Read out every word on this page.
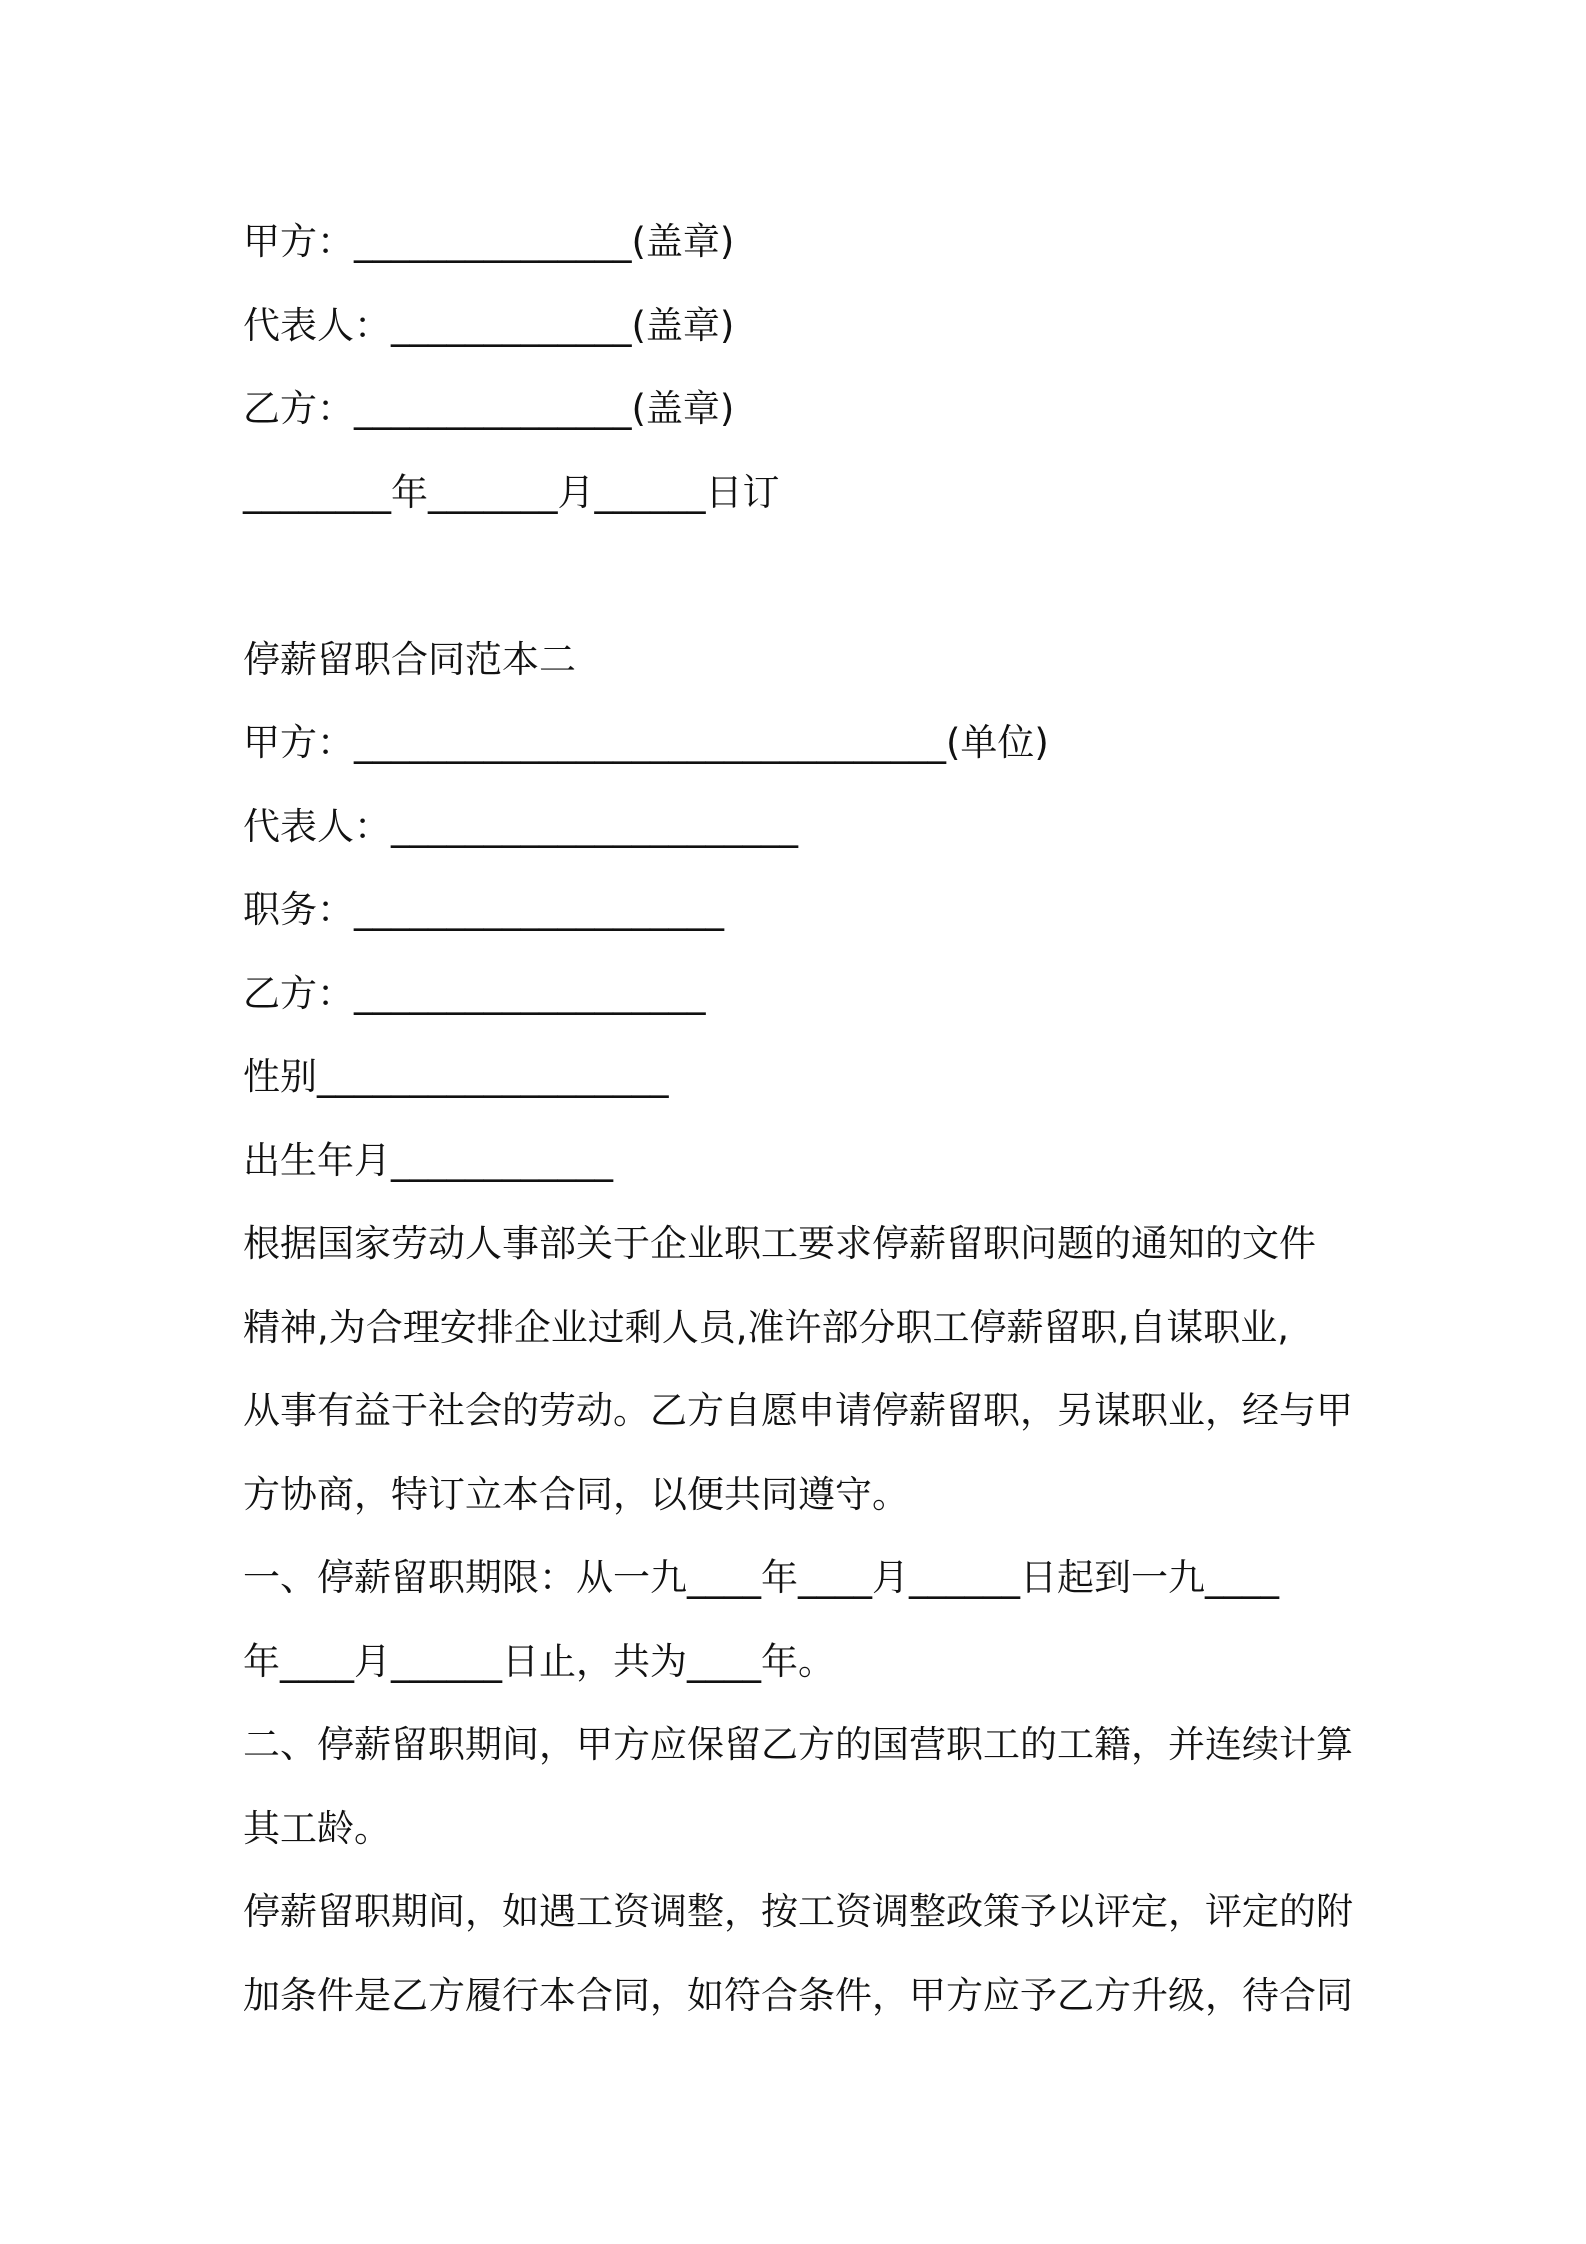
甲方：_______________(盖章)
代表人：_____________(盖章)
乙方：_______________(盖章)
________年_______月______日订
停薪留职合同范本二
甲方：________________________________(单位)
代表人：______________________
职务：____________________
乙方：___________________
性别___________________
出生年月____________
根据国家劳动人事部关于企业职工要求停薪留职问题的通知的文件
精神,为合理安排企业过剩人员,准许部分职工停薪留职,自谋职业,
从事有益于社会的劳动。乙方自愿申请停薪留职，另谋职业，经与甲
方协商，特订立本合同，以便共同遵守。
一、停薪留职期限：从一九____年____月______日起到一九____
年____月______日止，共为____年。
二、停薪留职期间，甲方应保留乙方的国营职工的工籍，并连续计算
其工龄。
停薪留职期间，如遇工资调整，按工资调整政策予以评定，评定的附
加条件是乙方履行本合同，如符合条件，甲方应予乙方升级，待合同
